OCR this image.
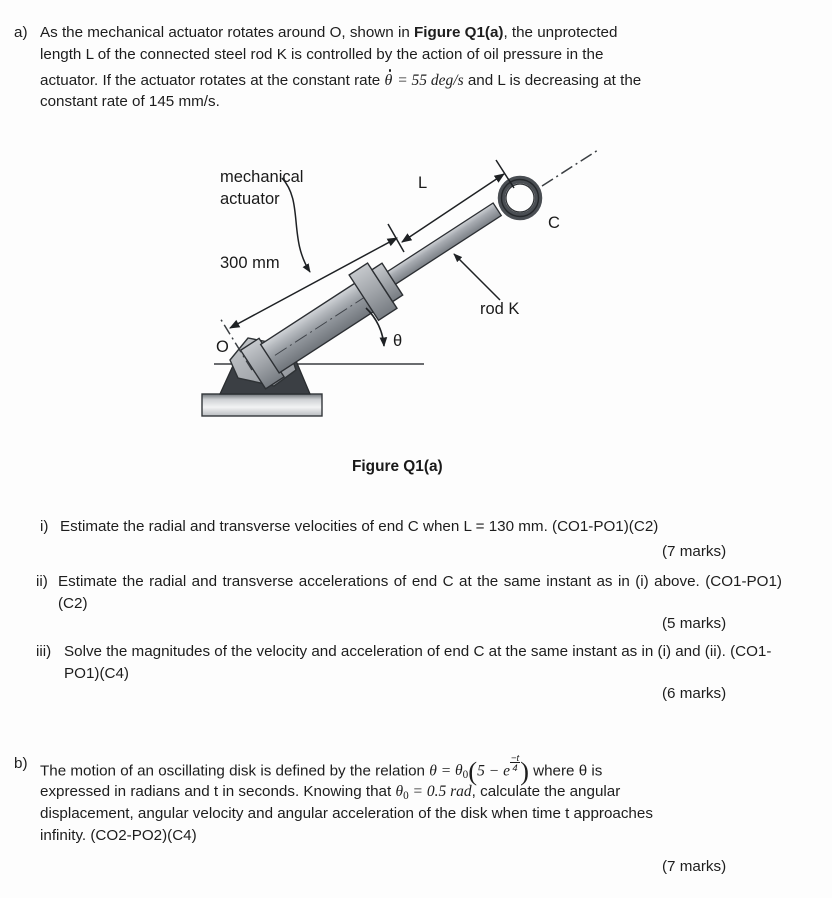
a) As the mechanical actuator rotates around O, shown in Figure Q1(a), the unprotected
length L of the connected steel rod K is controlled by the action of oil pressure in the
actuator. If the actuator rotates at the constant rate θ = 55 deg/s and L is decreasing at the
constant rate of 145 mm/s.
mechanical
actuator
300 mm
L
O
C
rod K
θ
Figure Q1(a)
i) Estimate the radial and transverse velocities of end C when L = 130 mm. (CO1-PO1)(C2)
(7 marks)
ii) Estimate the radial and transverse accelerations of end C at the same instant as in (i) above. (CO1-PO1)(C2)
(5 marks)
iii) Solve the magnitudes of the velocity and acceleration of end C at the same instant as in (i) and (ii). (CO1-PO1)(C4)
(6 marks)
b) The motion of an oscillating disk is defined by the relation $\theta = \theta_0(5 - e \frac{-t}{4}$ ) where θ is
expressed in radians and t in seconds. Knowing that $\theta_0 = 0.5$ rad, calculate the angular
displacement, angular velocity and angular acceleration of the disk when time t approaches
infinity. (CO2-PO2)(C4)
(7 marks)
